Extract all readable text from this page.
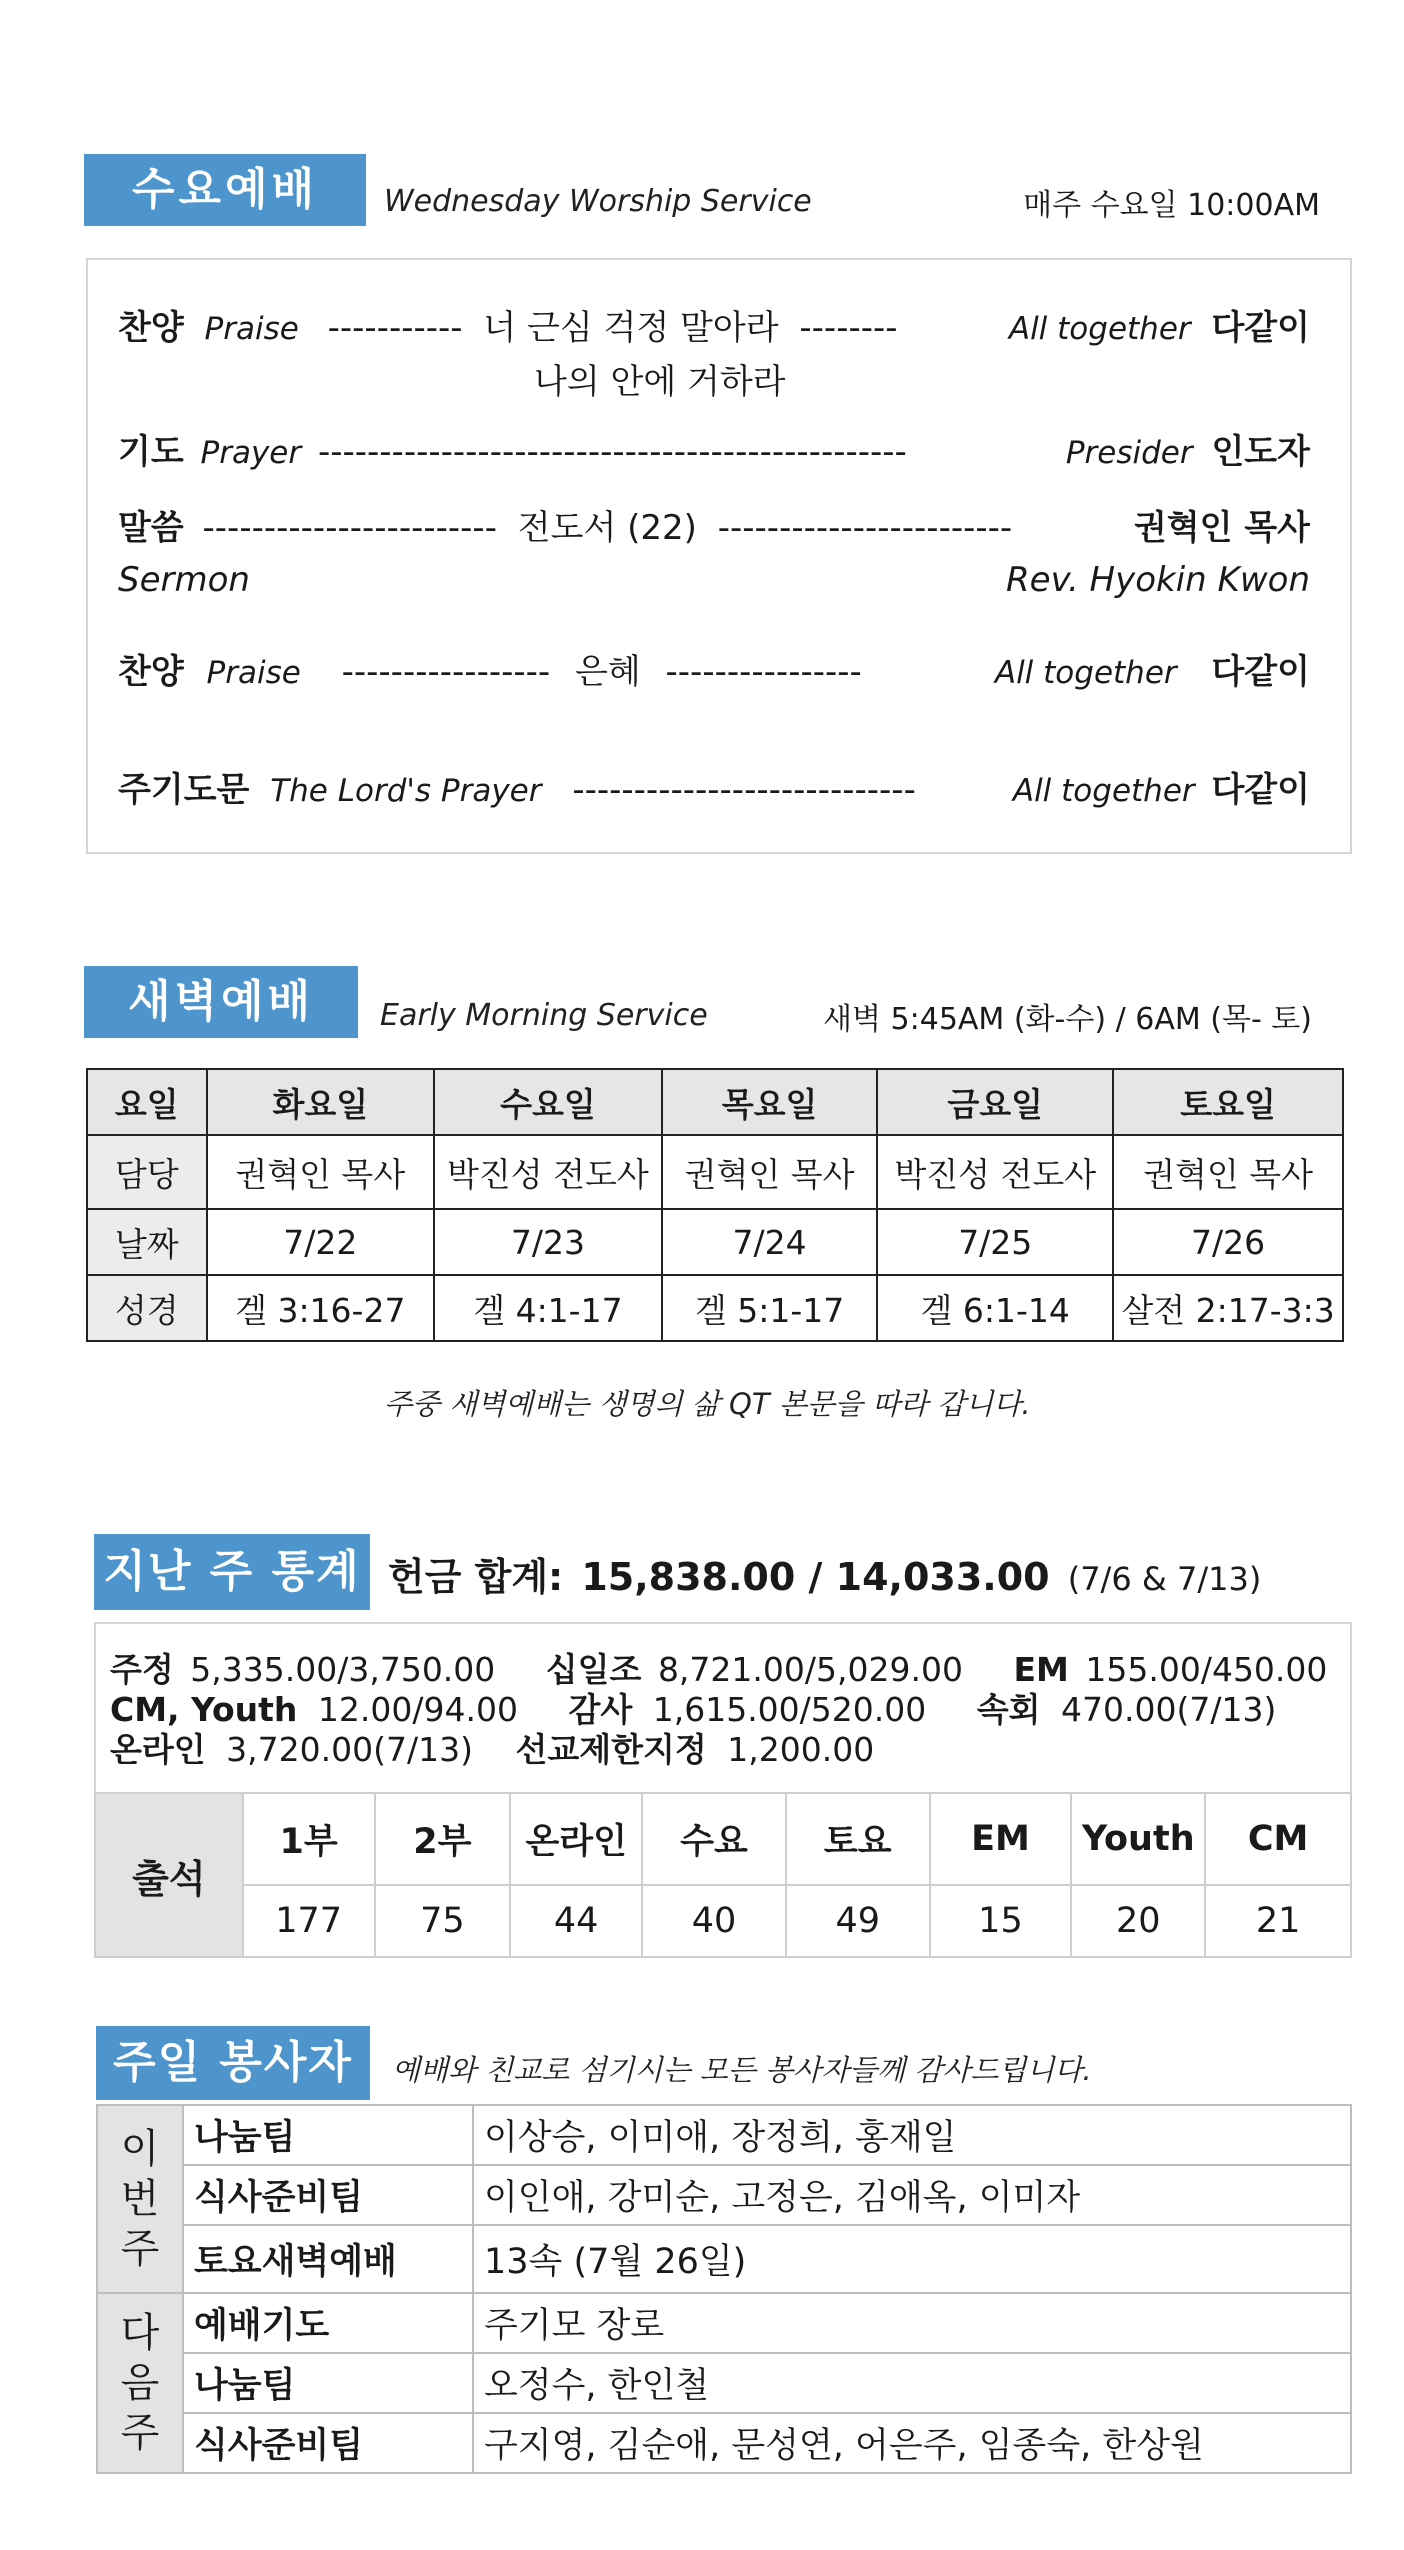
수요예배	Wednesday Worship Service	매주 수요일 10:00AM
찬양 Praise ----------- 너 근심 걱정 말아라 --------	All together 다같이
나의 안에 거하라
기도 Prayer ------------------------------------------------	Presider 인도자
말씀 ------------------------ 전도서 (22) ------------------------	권혁인 목사
Sermon	Rev. Hyokin Kwon
찬양 Praise ----------------- 은혜 ----------------	All together 다같이
주기도문 The Lord's Prayer ----------------------------	All together 다같이
새벽예배	Early Morning Service	새벽 5:45AM (화-수) / 6AM (목- 토)
요일	화요일	수요일	목요일	금요일	토요일
담당	권혁인 목사	박진성 전도사	권혁인 목사	박진성 전도사	권혁인 목사
날짜	7/22	7/23	7/24	7/25	7/26
성경	겔 3:16-27	겔 4:1-17	겔 5:1-17	겔 6:1-14	살전 2:17-3:3
주중 새벽예배는 생명의 삶 QT 본문을 따라 갑니다.
지난 주 통계 헌금 합계: 15,838.00 / 14,033.00 (7/6 & 7/13)
주정 5,335.00/3,750.00 십일조 8,721.00/5,029.00 EM 155.00/450.00
CM, Youth 12.00/94.00 감사 1,615.00/520.00 속회 470.00(7/13)
온라인 3,720.00(7/13) 선교제한지정 1,200.00
출석	1부	2부	온라인	수요	토요	EM	Youth	CM
	177	75	44	40	49	15	20	21
주일 봉사자	예배와 친교로 섬기시는 모든 봉사자들께 감사드립니다.
이
번
주	나눔팀	이상승, 이미애, 장정희, 홍재일
	식사준비팀	이인애, 강미순, 고정은, 김애옥, 이미자
	토요새벽예배	13속 (7월 26일)

다
음
주	예배기도	주기모 장로
	나눔팀	오정수, 한인철
	식사준비팀	구지영, 김순애, 문성연, 어은주, 임종숙, 한상원
